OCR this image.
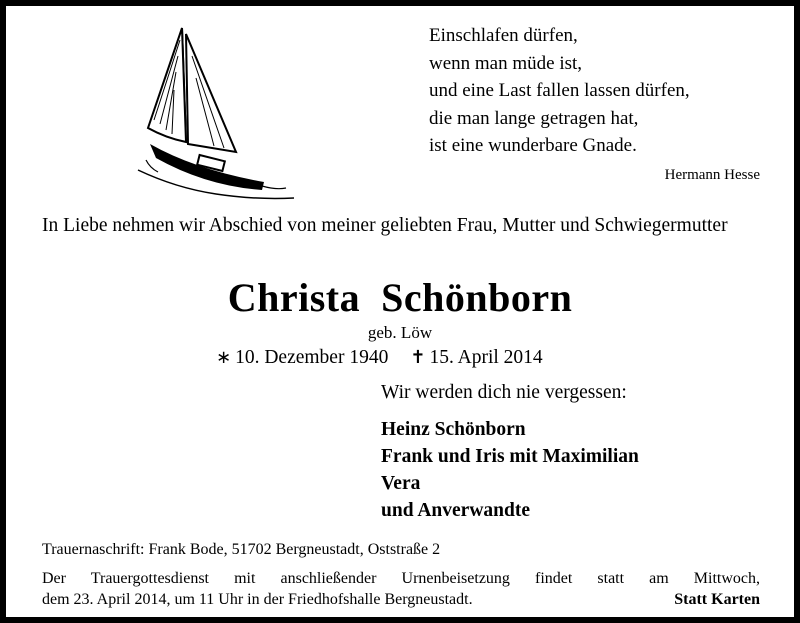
Einschlafen dürfen,
wenn man müde ist,
und eine Last fallen lassen dürfen,
die man lange getragen hat,
ist eine wunderbare Gnade.
Hermann Hesse
In Liebe nehmen wir Abschied von meiner geliebten Frau, Mutter und Schwiegermutter
Christa  Schönborn
geb. Löw
∗ 10. Dezember 1940 ✝ 15. April 2014
Wir werden dich nie vergessen:
Heinz Schönborn
Frank und Iris mit Maximilian
Vera
und Anverwandte
Trauernaschrift: Frank Bode, 51702 Bergneustadt, Oststraße 2
Der Trauergottesdienst mit anschließender Urnenbeisetzung findet statt am Mittwoch,
dem 23. April 2014, um 11 Uhr in der Friedhofshalle Bergneustadt.	Statt Karten
